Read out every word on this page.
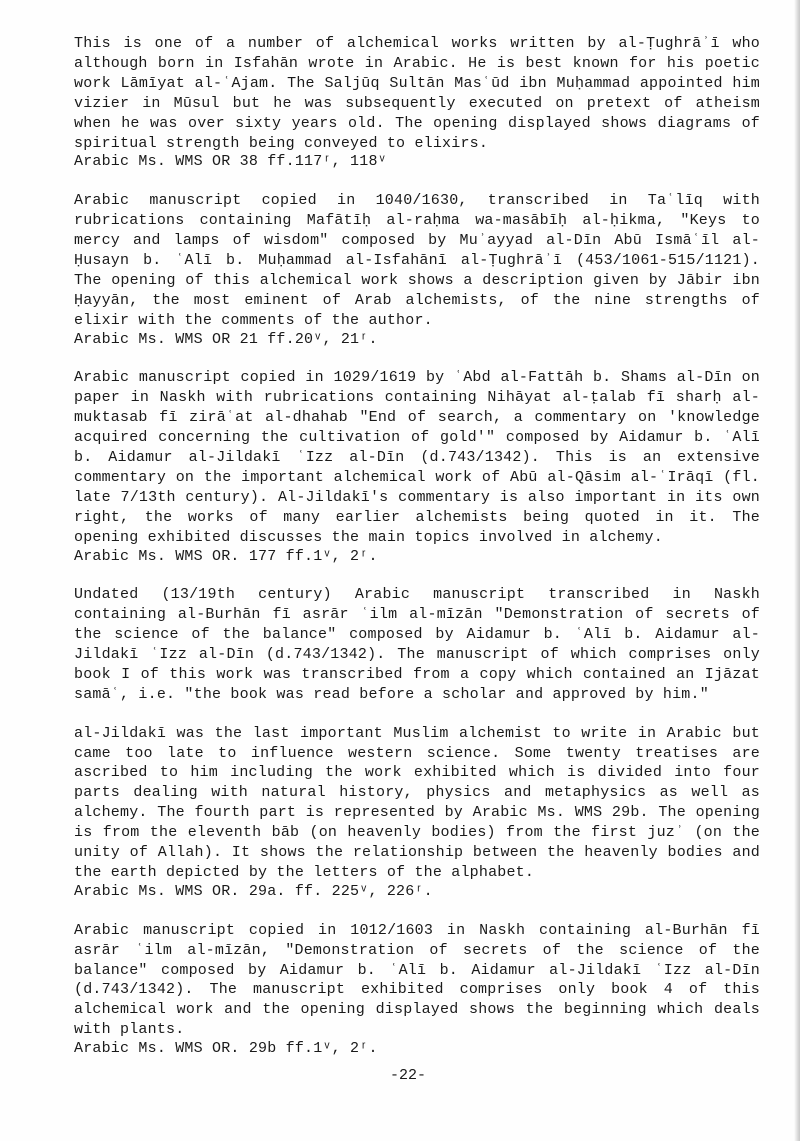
This is one of a number of alchemical works written by al-Ṭughrāʾī who although born in Isfahān wrote in Arabic. He is best known for his poetic work Lāmīyat al-ʿAjam. The Saljūq Sultān Masʿūd ibn Muḥammad appointed him vizier in Mūsul but he was subsequently executed on pretext of atheism when he was over sixty years old. The opening displayed shows diagrams of spiritual strength being conveyed to elixirs.
Arabic Ms. WMS OR 38 ff.117ʳ, 118ᵛ

Arabic manuscript copied in 1040/1630, transcribed in Taʿlīq with rubrications containing Mafātīḥ al-raḥma wa-masābīḥ al-ḥikma, "Keys to mercy and lamps of wisdom" composed by Muʾayyad al-Dīn Abū Ismāʿīl al-Ḥusayn b. ʿAlī b. Muḥammad al-Isfahānī al-Ṭughrāʾī (453/1061-515/1121). The opening of this alchemical work shows a description given by Jābir ibn Ḥayyān, the most eminent of Arab alchemists, of the nine strengths of elixir with the comments of the author.
Arabic Ms. WMS OR 21 ff.20ᵛ, 21ʳ.

Arabic manuscript copied in 1029/1619 by ʿAbd al-Fattāh b. Shams al-Dīn on paper in Naskh with rubrications containing Nihāyat al-ṭalab fī sharḥ al-muktasab fī zirāʿat al-dhahab "End of search, a commentary on 'knowledge acquired concerning the cultivation of gold'" composed by Aidamur b. ʿAlī b. Aidamur al-Jildakī ʿIzz al-Dīn (d.743/1342). This is an extensive commentary on the important alchemical work of Abū al-Qāsim al-ʿIrāqī (fl. late 7/13th century). Al-Jildakī's commentary is also important in its own right, the works of many earlier alchemists being quoted in it. The opening exhibited discusses the main topics involved in alchemy.
Arabic Ms. WMS OR. 177 ff.1ᵛ, 2ʳ.

Undated (13/19th century) Arabic manuscript transcribed in Naskh containing al-Burhān fī asrār ʿilm al-mīzān "Demonstration of secrets of the science of the balance" composed by Aidamur b. ʿAlī b. Aidamur al-Jildakī ʿIzz al-Dīn (d.743/1342). The manuscript of which comprises only book I of this work was transcribed from a copy which contained an Ijāzat samāʿ, i.e. "the book was read before a scholar and approved by him."

al-Jildakī was the last important Muslim alchemist to write in Arabic but came too late to influence western science. Some twenty treatises are ascribed to him including the work exhibited which is divided into four parts dealing with natural history, physics and metaphysics as well as alchemy. The fourth part is represented by Arabic Ms. WMS 29b. The opening is from the eleventh bāb (on heavenly bodies) from the first juzʾ (on the unity of Allah). It shows the relationship between the heavenly bodies and the earth depicted by the letters of the alphabet.
Arabic Ms. WMS OR. 29a. ff. 225ᵛ, 226ʳ.

Arabic manuscript copied in 1012/1603 in Naskh containing al-Burhān fī asrār ʿilm al-mīzān, "Demonstration of secrets of the science of the balance" composed by Aidamur b. ʿAlī b. Aidamur al-Jildakī ʿIzz al-Dīn (d.743/1342). The manuscript exhibited comprises only book 4 of this alchemical work and the opening displayed shows the beginning which deals with plants.
Arabic Ms. WMS OR. 29b ff.1ᵛ, 2ʳ.

-22-
